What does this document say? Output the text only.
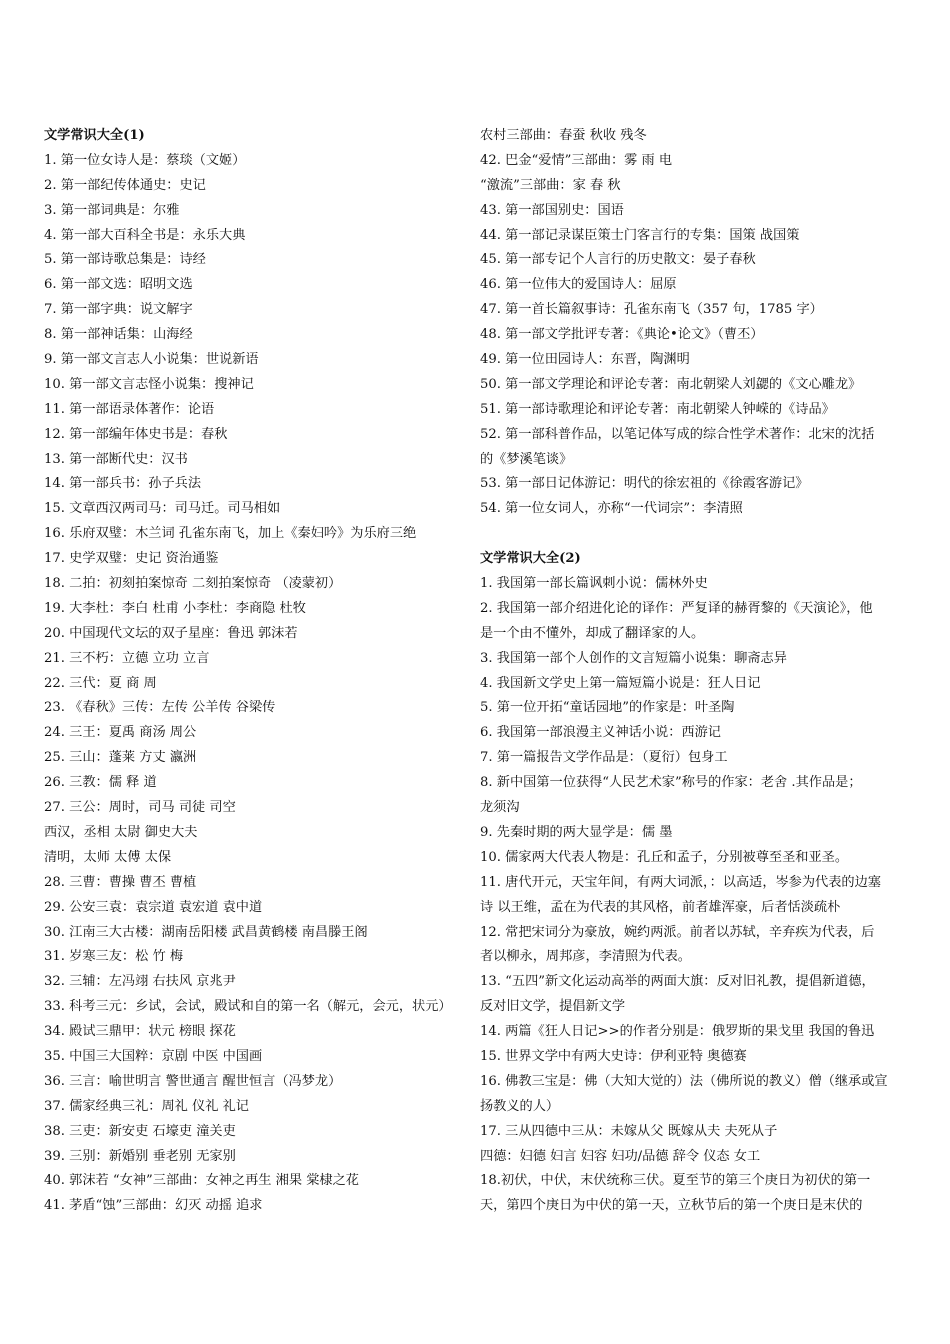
文学常识大全(1)
1. 第一位女诗人是：蔡琰（文姬）
2. 第一部纪传体通史：史记
3. 第一部词典是：尔雅
4. 第一部大百科全书是：永乐大典
5. 第一部诗歌总集是：诗经
6. 第一部文选：昭明文选
7. 第一部字典：说文解字
8. 第一部神话集：山海经
9. 第一部文言志人小说集：世说新语
10. 第一部文言志怪小说集：搜神记
11. 第一部语录体著作：论语
12. 第一部编年体史书是：春秋
13. 第一部断代史：汉书
14. 第一部兵书：孙子兵法
15. 文章西汉两司马：司马迁。司马相如
16. 乐府双璧：木兰词 孔雀东南飞，加上《秦妇吟》为乐府三绝
17. 史学双璧：史记 资治通鉴
18. 二拍：初刻拍案惊奇 二刻拍案惊奇 （凌蒙初）
19. 大李杜：李白 杜甫 小李杜：李商隐 杜牧
20. 中国现代文坛的双子星座：鲁迅 郭沫若
21. 三不朽：立德 立功 立言
22. 三代：夏 商 周
23. 《春秋》三传：左传 公羊传 谷梁传
24. 三王：夏禹 商汤 周公
25. 三山：蓬莱 方丈 瀛洲
26. 三教：儒 释 道
27. 三公：周时，司马 司徒 司空
西汉，丞相 太尉 御史大夫
清明，太师 太傅 太保
28. 三曹：曹操 曹丕 曹植
29. 公安三袁：袁宗道 袁宏道 袁中道
30. 江南三大古楼：湖南岳阳楼 武昌黄鹤楼 南昌滕王阁
31. 岁寒三友：松 竹 梅
32. 三辅：左冯翊 右扶风 京兆尹
33. 科考三元：乡试，会试，殿试和自的第一名（解元，会元，状元）
34. 殿试三鼎甲：状元 榜眼 探花
35. 中国三大国粹：京剧 中医 中国画
36. 三言：喻世明言 警世通言 醒世恒言（冯梦龙）
37. 儒家经典三礼：周礼 仪礼 礼记
38. 三吏：新安吏 石壕吏 潼关吏
39. 三别：新婚别 垂老别 无家别
40. 郭沫若 “女神”三部曲：女神之再生 湘果 棠棣之花
41. 茅盾“蚀”三部曲：幻灭 动摇 追求
农村三部曲：春蚕 秋收 残冬
42. 巴金“爱情”三部曲：雾 雨 电
“激流”三部曲：家 春 秋
43. 第一部国别史：国语
44. 第一部记录谋臣策士门客言行的专集：国策 战国策
45. 第一部专记个人言行的历史散文：晏子春秋
46. 第一位伟大的爱国诗人：屈原
47. 第一首长篇叙事诗：孔雀东南飞（357 句，1785 字）
48. 第一部文学批评专著：《典论•论文》（曹丕）
49. 第一位田园诗人：东晋，陶渊明
50. 第一部文学理论和评论专著：南北朝梁人刘勰的《文心雕龙》
51. 第一部诗歌理论和评论专著：南北朝梁人钟嵘的《诗品》
52. 第一部科普作品，以笔记体写成的综合性学术著作：北宋的沈括
的《梦溪笔谈》
53. 第一部日记体游记：明代的徐宏祖的《徐霞客游记》
54. 第一位女词人，亦称“一代词宗”：李清照
文学常识大全(2)
1. 我国第一部长篇讽刺小说：儒林外史
2. 我国第一部介绍进化论的译作：严复译的赫胥黎的《天演论》，他
是一个由不懂外，却成了翻译家的人。
3. 我国第一部个人创作的文言短篇小说集：聊斋志异
4. 我国新文学史上第一篇短篇小说是：狂人日记
5. 第一位开拓“童话园地”的作家是：叶圣陶
6. 我国第一部浪漫主义神话小说：西游记
7. 第一篇报告文学作品是：（夏衍）包身工
8. 新中国第一位获得“人民艺术家”称号的作家：老舍 .其作品是；
龙须沟
9. 先秦时期的两大显学是：儒 墨
10. 儒家两大代表人物是：孔丘和孟子，分别被尊至圣和亚圣。
11. 唐代开元，天宝年间，有两大词派，：以高适，岑参为代表的边塞
诗 以王维，孟在为代表的其风格，前者雄浑豪，后者恬淡疏朴
12. 常把宋词分为豪放，婉约两派。前者以苏轼，辛弃疾为代表，后
者以柳永，周邦彦，李清照为代表。
13. “五四”新文化运动高举的两面大旗：反对旧礼教，提倡新道德，
反对旧文学，提倡新文学
14. 两篇《狂人日记>>的作者分别是：俄罗斯的果戈里 我国的鲁迅
15. 世界文学中有两大史诗：伊利亚特 奥德赛
16. 佛教三宝是：佛（大知大觉的）法（佛所说的教义）僧（继承或宣
扬教义的人）
17. 三从四德中三从：未嫁从父 既嫁从夫 夫死从子
四德：妇德 妇言 妇容 妇功/品德 辞令 仪态 女工
18.初伏，中伏，末伏统称三伏。夏至节的第三个庚日为初伏的第一
天，第四个庚日为中伏的第一天，立秋节后的第一个庚日是末伏的
